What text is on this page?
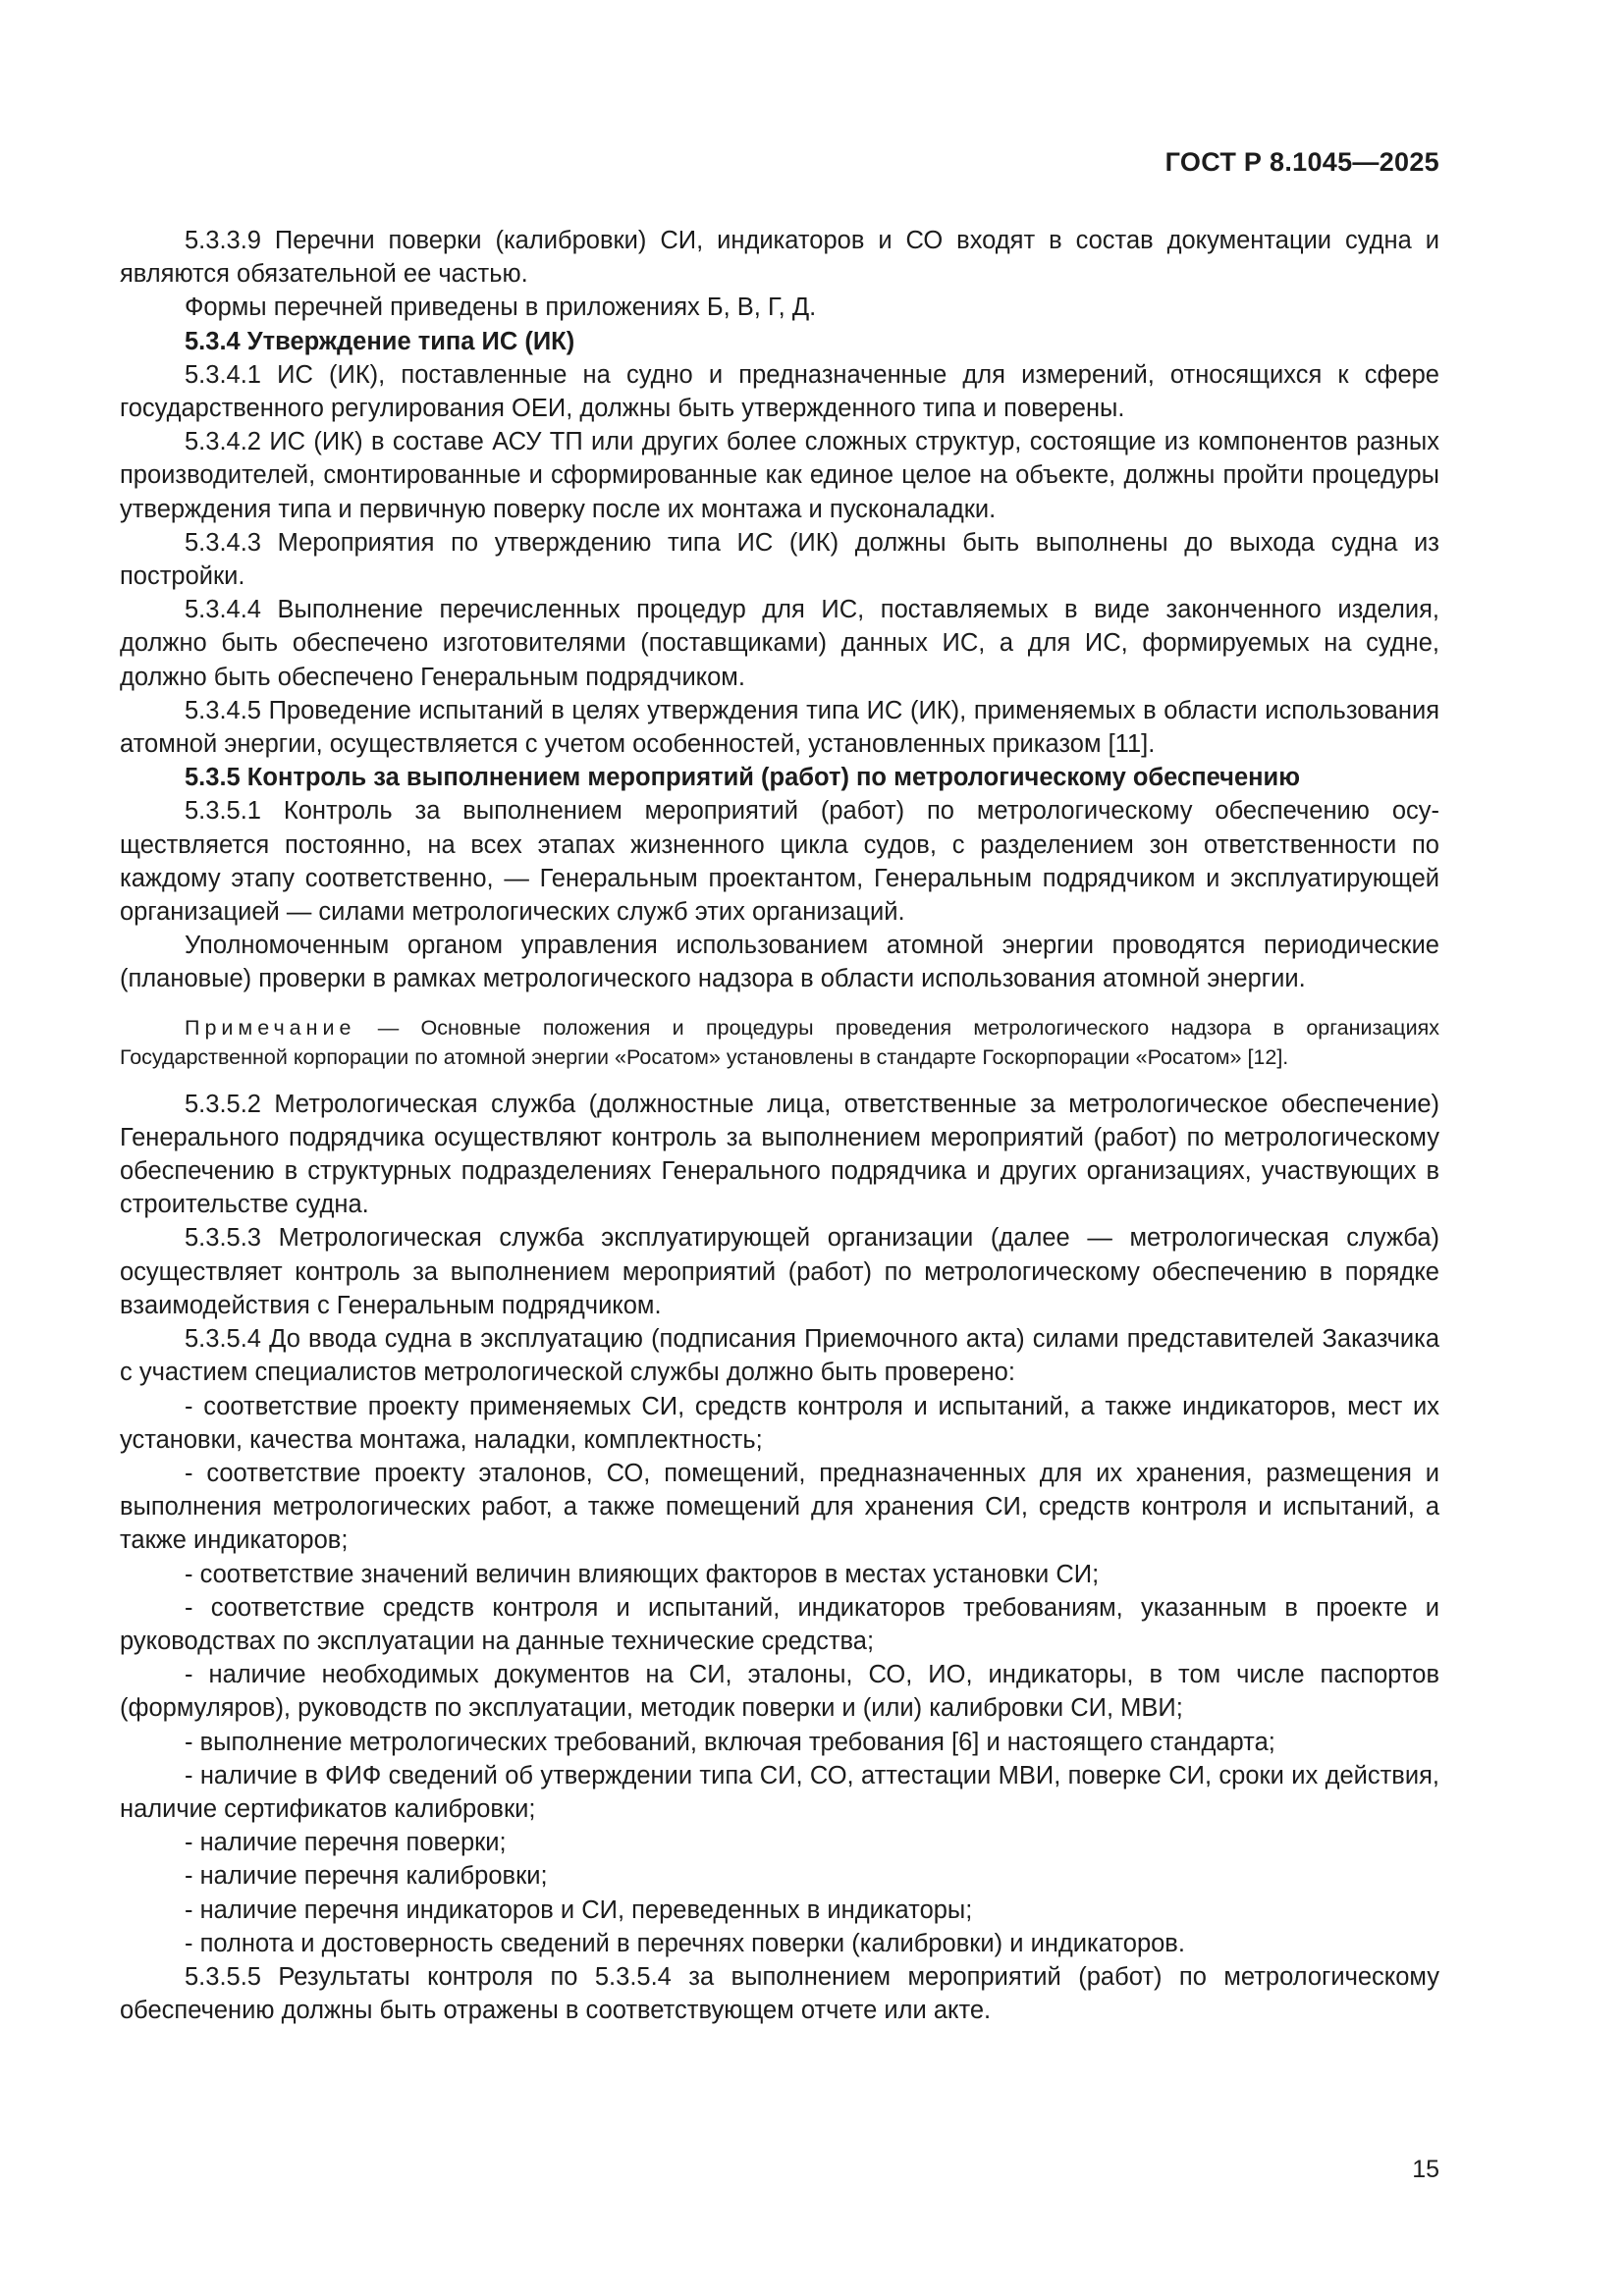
ГОСТ Р 8.1045—2025

5.3.3.9 Перечни поверки (калибровки) СИ, индикаторов и СО входят в состав документации судна и являются обязательной ее частью.

Формы перечней приведены в приложениях Б, В, Г, Д.

5.3.4 Утверждение типа ИС (ИК)

5.3.4.1 ИС (ИК), поставленные на судно и предназначенные для измерений, относящихся к сфере государственного регулирования ОЕИ, должны быть утвержденного типа и поверены.

5.3.4.2 ИС (ИК) в составе АСУ ТП или других более сложных структур, состоящие из компонентов разных производителей, смонтированные и сформированные как единое целое на объекте, должны пройти процедуры утверждения типа и первичную поверку после их монтажа и пусконаладки.

5.3.4.3 Мероприятия по утверждению типа ИС (ИК) должны быть выполнены до выхода судна из постройки.

5.3.4.4 Выполнение перечисленных процедур для ИС, поставляемых в виде законченного изделия, должно быть обеспечено изготовителями (поставщиками) данных ИС, а для ИС, формируемых на судне, должно быть обеспечено Генеральным подрядчиком.

5.3.4.5 Проведение испытаний в целях утверждения типа ИС (ИК), применяемых в области использования атомной энергии, осуществляется с учетом особенностей, установленных приказом [11].

5.3.5 Контроль за выполнением мероприятий (работ) по метрологическому обеспечению

5.3.5.1 Контроль за выполнением мероприятий (работ) по метрологическому обеспечению осуществляется постоянно, на всех этапах жизненного цикла судов, с разделением зон ответственности по каждому этапу соответственно, — Генеральным проектантом, Генеральным подрядчиком и эксплуатирующей организацией — силами метрологических служб этих организаций.

Уполномоченным органом управления использованием атомной энергии проводятся периодические (плановые) проверки в рамках метрологического надзора в области использования атомной энергии.

Примечание — Основные положения и процедуры проведения метрологического надзора в организациях Государственной корпорации по атомной энергии «Росатом» установлены в стандарте Госкорпорации «Росатом» [12].

5.3.5.2 Метрологическая служба (должностные лица, ответственные за метрологическое обеспечение) Генерального подрядчика осуществляют контроль за выполнением мероприятий (работ) по метрологическому обеспечению в структурных подразделениях Генерального подрядчика и других организациях, участвующих в строительстве судна.

5.3.5.3 Метрологическая служба эксплуатирующей организации (далее — метрологическая служба) осуществляет контроль за выполнением мероприятий (работ) по метрологическому обеспечению в порядке взаимодействия с Генеральным подрядчиком.

5.3.5.4 До ввода судна в эксплуатацию (подписания Приемочного акта) силами представителей Заказчика с участием специалистов метрологической службы должно быть проверено:

- соответствие проекту применяемых СИ, средств контроля и испытаний, а также индикаторов, мест их установки, качества монтажа, наладки, комплектность;

- соответствие проекту эталонов, СО, помещений, предназначенных для их хранения, размещения и выполнения метрологических работ, а также помещений для хранения СИ, средств контроля и испытаний, а также индикаторов;

- соответствие значений величин влияющих факторов в местах установки СИ;

- соответствие средств контроля и испытаний, индикаторов требованиям, указанным в проекте и руководствах по эксплуатации на данные технические средства;

- наличие необходимых документов на СИ, эталоны, СО, ИО, индикаторы, в том числе паспортов (формуляров), руководств по эксплуатации, методик поверки и (или) калибровки СИ, МВИ;

- выполнение метрологических требований, включая требования [6] и настоящего стандарта;

- наличие в ФИФ сведений об утверждении типа СИ, СО, аттестации МВИ, поверке СИ, сроки их действия, наличие сертификатов калибровки;

- наличие перечня поверки;

- наличие перечня калибровки;

- наличие перечня индикаторов и СИ, переведенных в индикаторы;

- полнота и достоверность сведений в перечнях поверки (калибровки) и индикаторов.

5.3.5.5 Результаты контроля по 5.3.5.4 за выполнением мероприятий (работ) по метрологическому обеспечению должны быть отражены в соответствующем отчете или акте.

15
